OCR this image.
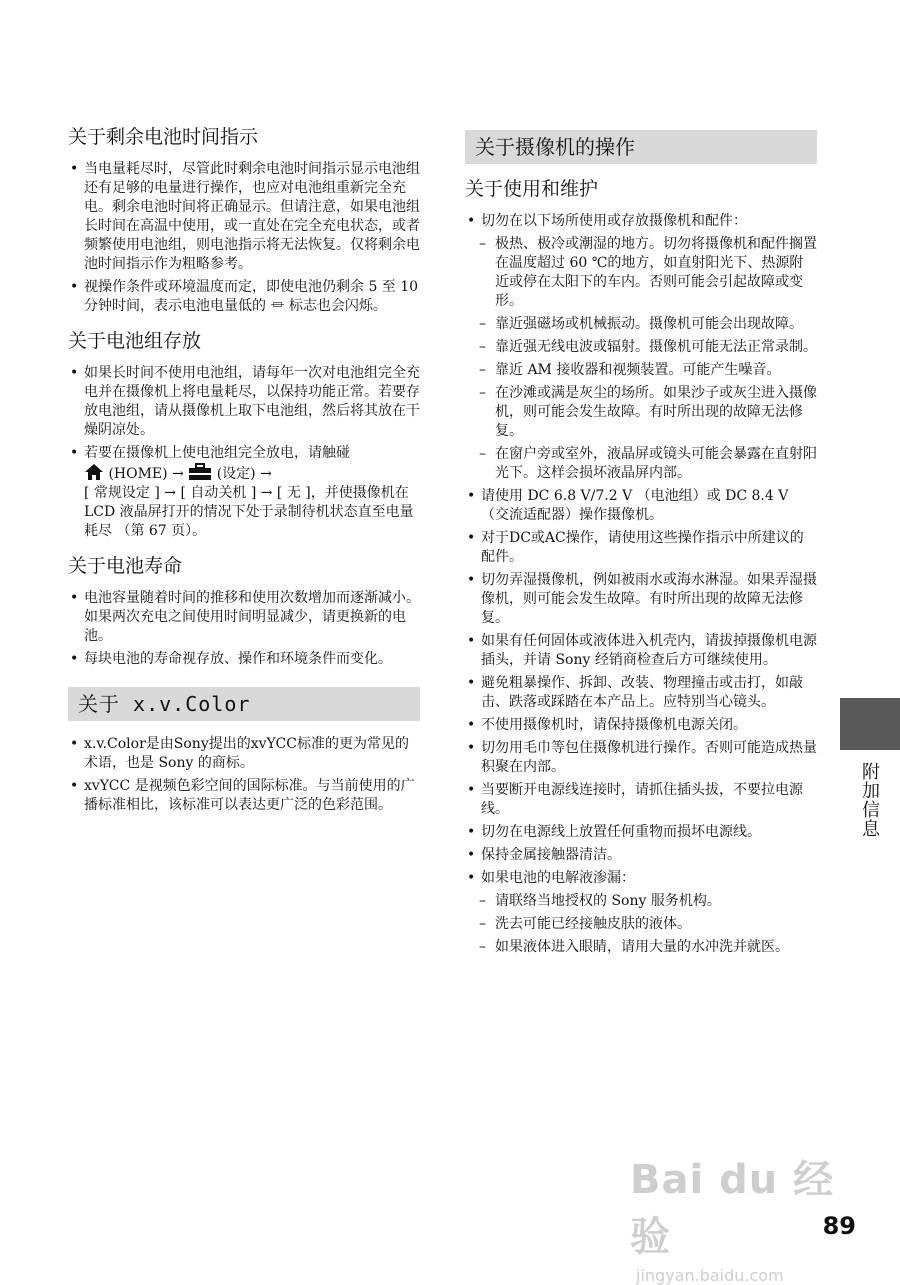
关于剩余电池时间指示
• 当电量耗尽时，尽管此时剩余电池时间指示显示电池组还有足够的电量进行操作，也应对电池组重新完全充电。剩余电池时间将正确显示。但请注意，如果电池组长时间在高温中使用，或一直处在完全充电状态，或者频繁使用电池组，则电池指示将无法恢复。仅将剩余电池时间指示作为粗略参考。
• 视操作条件或环境温度而定，即使电池仍剩余 5 至 10 分钟时间，表示电池电量低的 ⏛ 标志也会闪烁。
关于电池组存放
• 如果长时间不使用电池组，请每年一次对电池组完全充电并在摄像机上将电量耗尽，以保持功能正常。若要存放电池组，请从摄像机上取下电池组，然后将其放在干燥阴凉处。
• 若要在摄像机上使电池组完全放电，请触碰
(HOME) → (设定) →
[ 常规设定 ] → [ 自动关机 ] → [ 无 ]，并使摄像机在 LCD 液晶屏打开的情况下处于录制待机状态直至电量耗尽 （第 67 页）。
关于电池寿命
• 电池容量随着时间的推移和使用次数增加而逐渐减小。如果两次充电之间使用时间明显减少，请更换新的电池。
• 每块电池的寿命视存放、操作和环境条件而变化。
关于 x.v.Color
• x.v.Color是由Sony提出的xvYCC标准的更为常见的术语，也是 Sony 的商标。
• xvYCC 是视频色彩空间的国际标准。与当前使用的广播标准相比，该标准可以表达更广泛的色彩范围。
关于摄像机的操作
关于使用和维护
• 切勿在以下场所使用或存放摄像机和配件：
– 极热、极冷或潮湿的地方。切勿将摄像机和配件搁置在温度超过 60 ℃的地方，如直射阳光下、热源附近或停在太阳下的车内。否则可能会引起故障或变形。
– 靠近强磁场或机械振动。摄像机可能会出现故障。
– 靠近强无线电波或辐射。摄像机可能无法正常录制。
– 靠近 AM 接收器和视频装置。可能产生噪音。
– 在沙滩或满是灰尘的场所。如果沙子或灰尘进入摄像机，则可能会发生故障。有时所出现的故障无法修复。
– 在窗户旁或室外，液晶屏或镜头可能会暴露在直射阳光下。这样会损坏液晶屏内部。
• 请使用 DC 6.8 V/7.2 V （电池组）或 DC 8.4 V （交流适配器）操作摄像机。
• 对于DC或AC操作，请使用这些操作指示中所建议的配件。
• 切勿弄湿摄像机，例如被雨水或海水淋湿。如果弄湿摄像机，则可能会发生故障。有时所出现的故障无法修复。
• 如果有任何固体或液体进入机壳内，请拔掉摄像机电源插头，并请 Sony 经销商检查后方可继续使用。
• 避免粗暴操作、拆卸、改装、物理撞击或击打，如敲击、跌落或踩踏在本产品上。应特别当心镜头。
• 不使用摄像机时，请保持摄像机电源关闭。
• 切勿用毛巾等包住摄像机进行操作。否则可能造成热量积聚在内部。
• 当要断开电源线连接时，请抓住插头拔，不要拉电源线。
• 切勿在电源线上放置任何重物而损坏电源线。
• 保持金属接触器清洁。
• 如果电池的电解液渗漏：
– 请联络当地授权的 Sony 服务机构。
– 洗去可能已经接触皮肤的液体。
– 如果液体进入眼睛，请用大量的水冲洗并就医。
附加信息
Bai du 经验
jingyan.baidu.com
89
